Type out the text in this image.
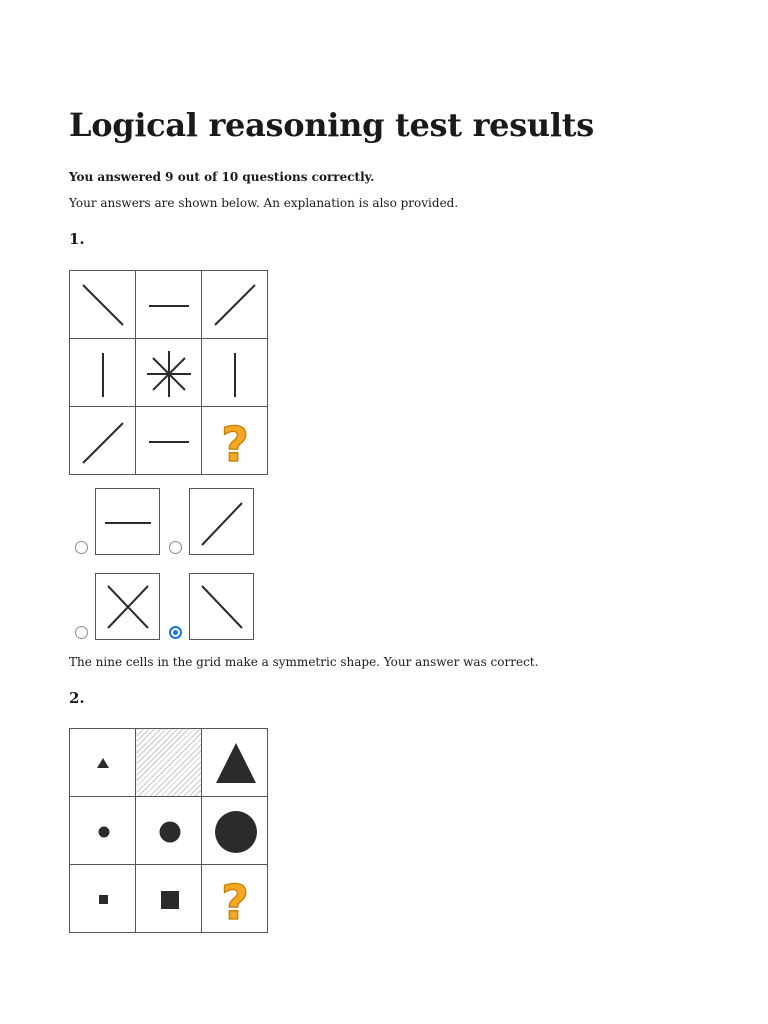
Logical reasoning test results

You answered 9 out of 10 questions correctly.

Your answers are shown below. An explanation is also provided.

1.

?

The nine cells in the grid make a symmetric shape. Your answer was correct.

2.

?
